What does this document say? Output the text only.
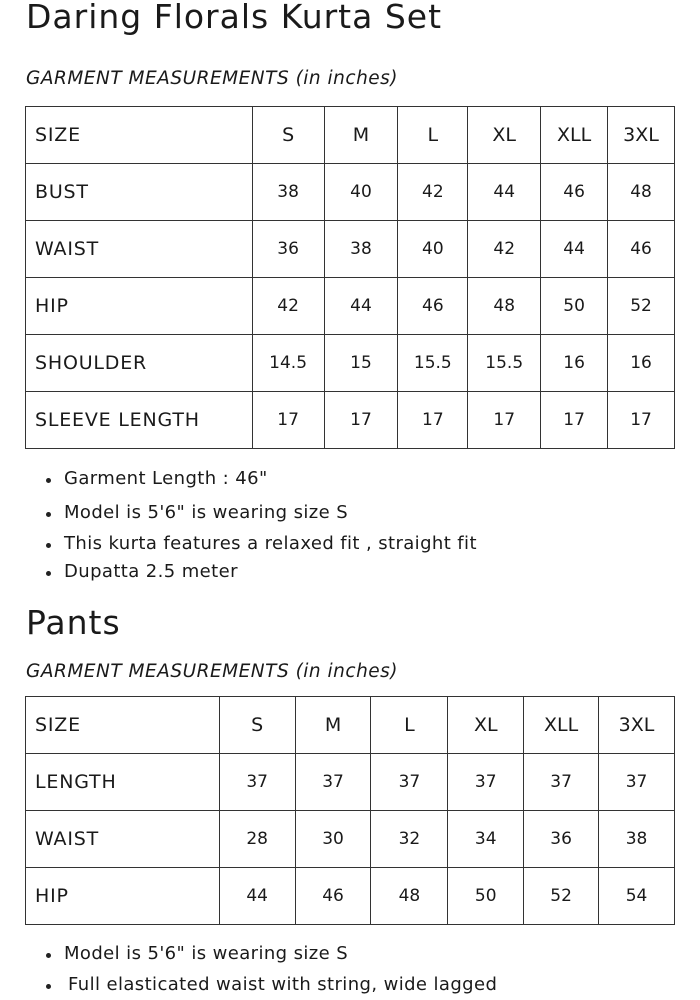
Daring Florals Kurta Set
GARMENT MEASUREMENTS (in inches)
SIZE	S	M	L	XL	XLL	3XL
BUST	38	40	42	44	46	48
WAIST	36	38	40	42	44	46
HIP	42	44	46	48	50	52
SHOULDER	14.5	15	15.5	15.5	16	16
SLEEVE LENGTH	17	17	17	17	17	17
Garment Length : 46"
Model is 5'6" is wearing size S
This kurta features a relaxed fit , straight fit
Dupatta 2.5 meter
Pants
GARMENT MEASUREMENTS (in inches)
SIZE	S	M	L	XL	XLL	3XL
LENGTH	37	37	37	37	37	37
WAIST	28	30	32	34	36	38
HIP	44	46	48	50	52	54
Model is 5'6" is wearing size S
Full elasticated waist with string, wide lagged
